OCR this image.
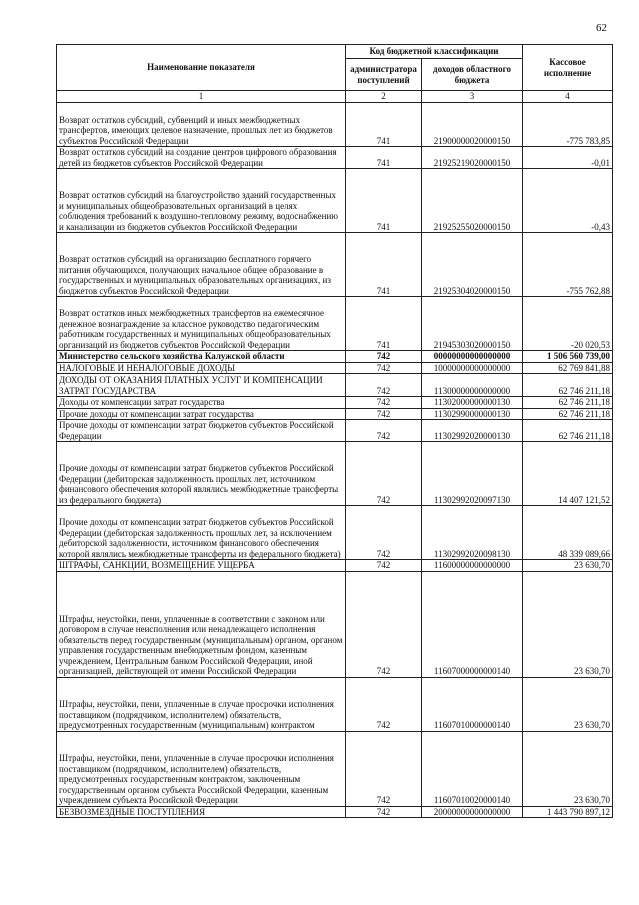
62
Наименование показателя	Код бюджетной классификации		Кассовое исполнение
	администратора поступлений	доходов областного бюджета	
1	2	3	4
Возврат остатков субсидий, субвенций и иных межбюджетных трансфертов, имеющих целевое назначение, прошлых лет из бюджетов субъектов Российской Федерации	741	21900000020000150	-775 783,85
Возврат остатков субсидий на создание центров цифрового образования детей из бюджетов субъектов Российской Федерации	741	21925219020000150	-0,01
Возврат остатков субсидий на благоустройство зданий государственных и муниципальных общеобразовательных организаций в целях соблюдения требований к воздушно-тепловому режиму, водоснабжению и канализации из бюджетов субъектов Российской Федерации	741	21925255020000150	-0,43
Возврат остатков субсидий на организацию бесплатного горячего питания обучающихся, получающих начальное общее образование в государственных и муниципальных образовательных организациях, из бюджетов субъектов Российской Федерации	741	21925304020000150	-755 762,88
Возврат остатков иных межбюджетных трансфертов на ежемесячное денежное вознаграждение за классное руководство педагогическим работникам государственных и муниципальных общеобразовательных организаций из бюджетов субъектов Российской Федерации	741	21945303020000150	-20 020,53
Министерство сельского хозяйства Калужской области	742	00000000000000000	1 506 560 739,00
НАЛОГОВЫЕ И НЕНАЛОГОВЫЕ ДОХОДЫ	742	10000000000000000	62 769 841,88
ДОХОДЫ ОТ ОКАЗАНИЯ ПЛАТНЫХ УСЛУГ И КОМПЕНСАЦИИ ЗАТРАТ ГОСУДАРСТВА	742	11300000000000000	62 746 211,18
Доходы от компенсации затрат государства	742	11302000000000130	62 746 211,18
Прочие доходы от компенсации затрат государства	742	11302990000000130	62 746 211,18
Прочие доходы от компенсации затрат бюджетов субъектов Российской Федерации	742	11302992020000130	62 746 211,18
Прочие доходы от компенсации затрат бюджетов субъектов Российской Федерации (дебиторская задолженность прошлых лет, источником финансового обеспечения которой являлись межбюджетные трансферты из федерального бюджета)	742	11302992020097130	14 407 121,52
Прочие доходы от компенсации затрат бюджетов субъектов Российской Федерации (дебиторская задолженность прошлых лет, за исключением дебиторской задолженности, источником финансового обеспечения которой являлись межбюджетные трансферты из федерального бюджета)	742	11302992020098130	48 339 089,66
ШТРАФЫ, САНКЦИИ, ВОЗМЕЩЕНИЕ УЩЕРБА	742	11600000000000000	23 630,70
Штрафы, неустойки, пени, уплаченные в соответствии с законом или договором в случае неисполнения или ненадлежащего исполнения обязательств перед государственным (муниципальным) органом, органом управления государственным внебюджетным фондом, казенным учреждением, Центральным банком Российской Федерации, иной организацией, действующей от имени Российской Федерации	742	11607000000000140	23 630,70
Штрафы, неустойки, пени, уплаченные в случае просрочки исполнения поставщиком (подрядчиком, исполнителем) обязательств, предусмотренных государственным (муниципальным) контрактом	742	11607010000000140	23 630,70
Штрафы, неустойки, пени, уплаченные в случае просрочки исполнения поставщиком (подрядчиком, исполнителем) обязательств, предусмотренных государственным контрактом, заключенным государственным органом субъекта Российской Федерации, казенным учреждением субъекта Российской Федерации	742	11607010020000140	23 630,70
БЕЗВОЗМЕЗДНЫЕ ПОСТУПЛЕНИЯ	742	20000000000000000	1 443 790 897,12
